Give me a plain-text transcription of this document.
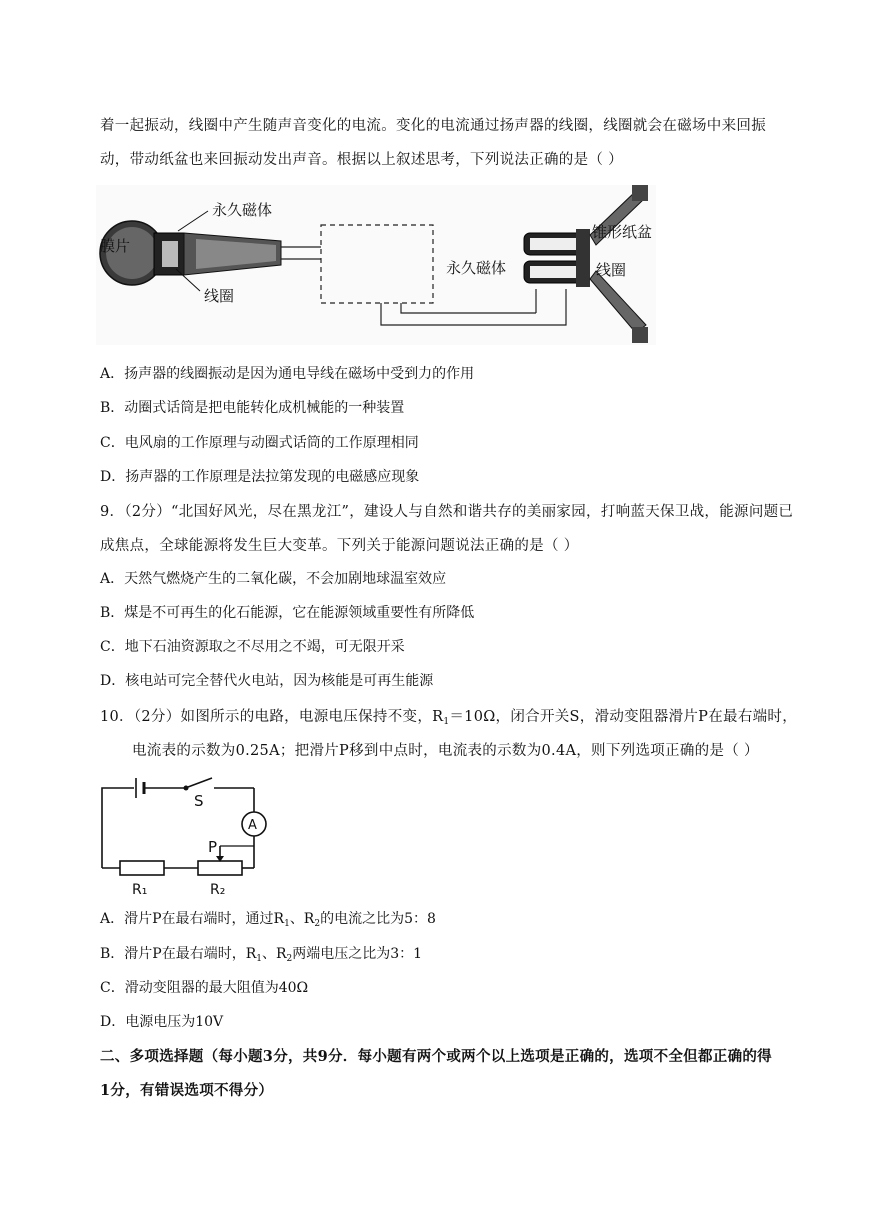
着一起振动，线圈中产生随声音变化的电流。变化的电流通过扬声器的线圈，线圈就会在磁场中来回振
动，带动纸盆也来回振动发出声音。根据以上叙述思考，下列说法正确的是（ ）
永久磁体
膜片
线圈
永久磁体
锥形纸盆
线圈
A．扬声器的线圈振动是因为通电导线在磁场中受到力的作用
B．动圈式话筒是把电能转化成机械能的一种装置
C．电风扇的工作原理与动圈式话筒的工作原理相同
D．扬声器的工作原理是法拉第发现的电磁感应现象
9．（2分）“北国好风光，尽在黑龙江”，建设人与自然和谐共存的美丽家园，打响蓝天保卫战，能源问题已
成焦点，全球能源将发生巨大变革。下列关于能源问题说法正确的是（ ）
A．天然气燃烧产生的二氧化碳，不会加剧地球温室效应
B．煤是不可再生的化石能源，它在能源领域重要性有所降低
C．地下石油资源取之不尽用之不竭，可无限开采
D．核电站可完全替代火电站，因为核能是可再生能源
10．（2分）如图所示的电路，电源电压保持不变，$R_1=10\Omega$，闭合开关S，滑动变阻器滑片P在最右端时，
电流表的示数为0.25A；把滑片P移到中点时，电流表的示数为0.4A，则下列选项正确的是（ ）
S
A
P
R₁	R₂
A．滑片P在最右端时，通过$R_1$、$R_2$的电流之比为5：8
B．滑片P在最右端时，$R_1$、$R_2$两端电压之比为3：1
C．滑动变阻器的最大阻值为40Ω
D．电源电压为10V
二、多项选择题（每小题3分，共9分．每小题有两个或两个以上选项是正确的，选项不全但都正确的得
1分，有错误选项不得分）
